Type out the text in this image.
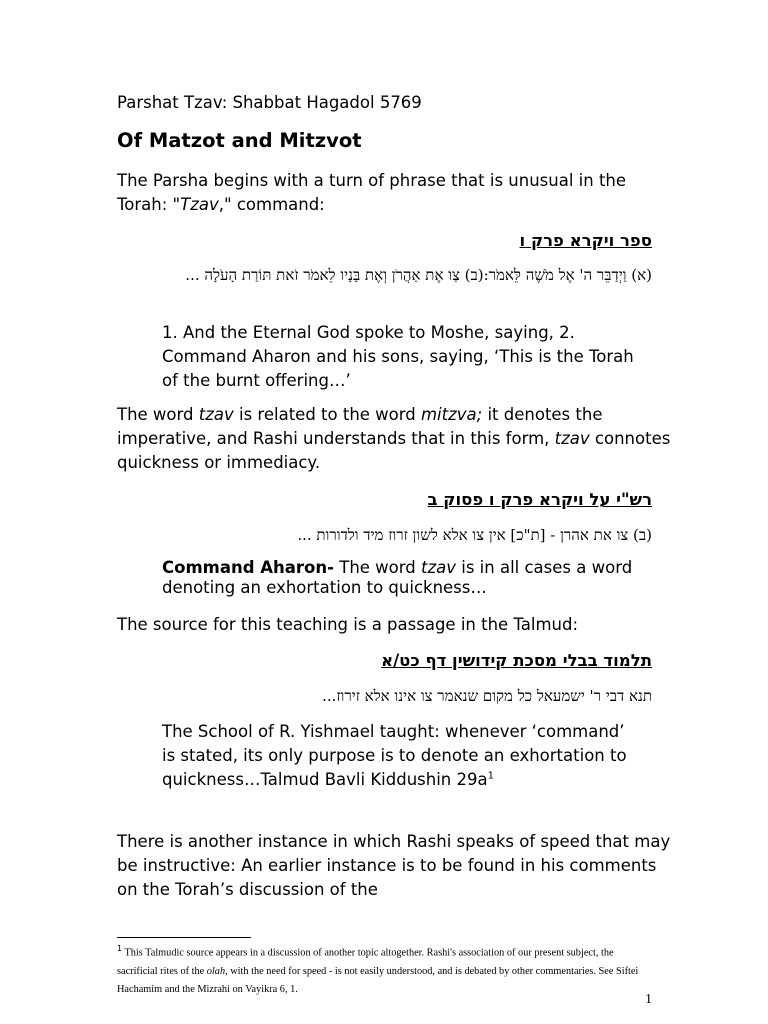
Parshat Tzav: Shabbat Hagadol 5769

Of Matzot and Mitzvot

The Parsha begins with a turn of phrase that is unusual in the Torah: "Tzav," command:

ספר ויקרא פרק ו

(א) וַיְדַבֵּר ה' אֶל מֹשֶׁה לֵּאמֹר:(ב) צַו אֶת אַהֲרֹן וְאֶת בָּנָיו לֵאמֹר זֹאת תּוֹרַת הָעֹלָה ...

1. And the Eternal God spoke to Moshe, saying, 2. Command Aharon and his sons, saying, ‘This is the Torah of the burnt offering…’

The word tzav is related to the word mitzva; it denotes the imperative, and Rashi understands that in this form, tzav connotes quickness or immediacy.

רש"י על ויקרא פרק ו פסוק ב

(ב) צו את אהרן - [ת"כ] אין צו אלא לשון זרוז מיד ולדורות ...

Command Aharon- The word tzav is in all cases a word denoting an exhortation to quickness…

The source for this teaching is a passage in the Talmud:

תלמוד בבלי מסכת קידושין דף כט/א

תנא דבי ר' ישמעאל כל מקום שנאמר צו אינו אלא זירוז...

The School of R. Yishmael taught: whenever ‘command’ is stated, its only purpose is to denote an exhortation to quickness…Talmud Bavli Kiddushin $29a^1$

There is another instance in which Rashi speaks of speed that may be instructive: An earlier instance is to be found in his comments on the Torah’s discussion of the

$^1$ This Talmudic source appears in a discussion of another topic altogether. Rashi's association of our present subject, the sacrificial rites of the olah, with the need for speed - is not easily understood, and is debated by other commentaries. See Siftei Hachamim and the Mizrahi on Vayikra 6, 1.

1
